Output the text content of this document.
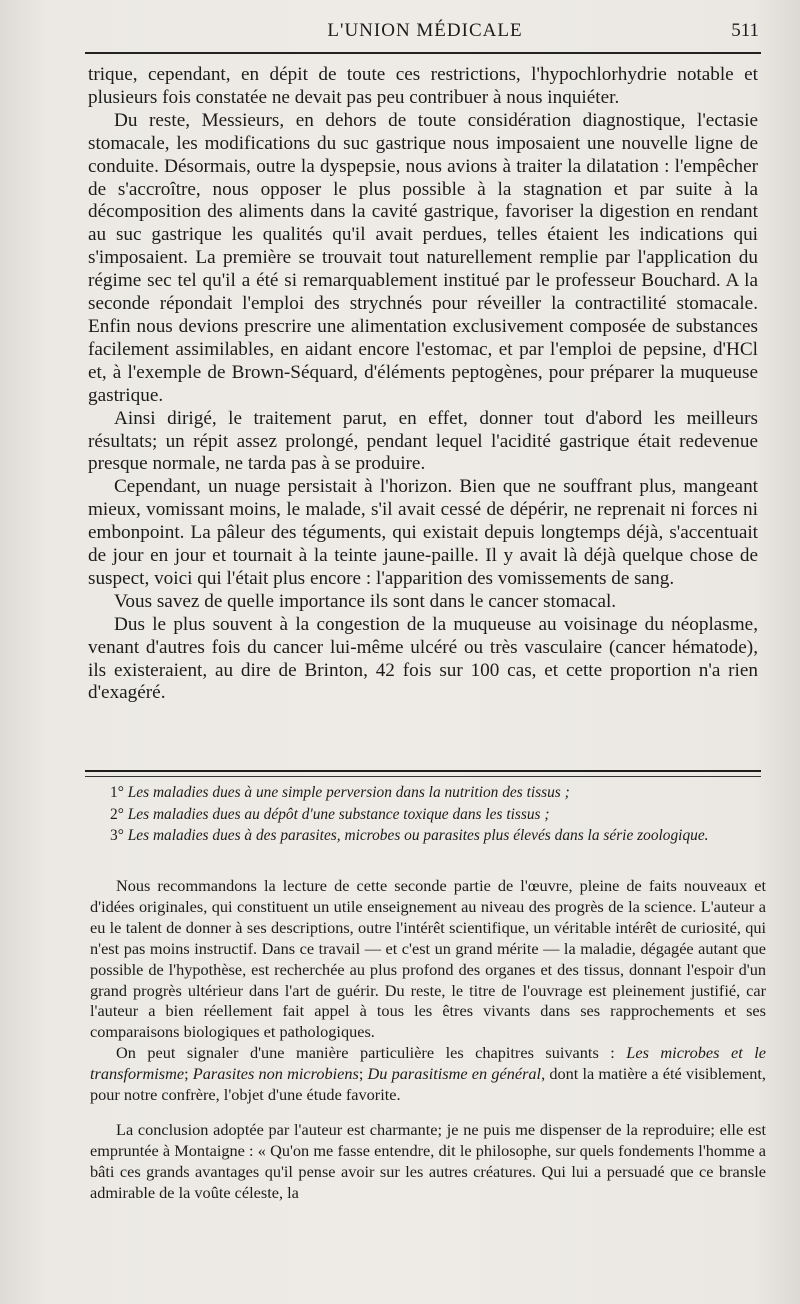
L'UNION MÉDICALE	511

trique, cependant, en dépit de toute ces restrictions, l'hypochlorhydrie notable et plusieurs fois constatée ne devait pas peu contribuer à nous inquiéter.

Du reste, Messieurs, en dehors de toute considération diagnostique, l'ectasie stomacale, les modifications du suc gastrique nous imposaient une nouvelle ligne de conduite. Désormais, outre la dyspepsie, nous avions à traiter la dilatation : l'empêcher de s'accroître, nous opposer le plus possible à la stagnation et par suite à la décomposition des aliments dans la cavité gastrique, favoriser la digestion en rendant au suc gastrique les qualités qu'il avait perdues, telles étaient les indications qui s'imposaient. La première se trouvait tout naturellement remplie par l'application du régime sec tel qu'il a été si remarquablement institué par le professeur Bouchard. A la seconde répondait l'emploi des strychnés pour réveiller la contractilité stomacale. Enfin nous devions prescrire une alimentation exclusivement composée de substances facilement assimilables, en aidant encore l'estomac, et par l'emploi de pepsine, d'HCl et, à l'exemple de Brown-Séquard, d'éléments peptogènes, pour préparer la muqueuse gastrique.

Ainsi dirigé, le traitement parut, en effet, donner tout d'abord les meilleurs résultats; un répit assez prolongé, pendant lequel l'acidité gastrique était redevenue presque normale, ne tarda pas à se produire.

Cependant, un nuage persistait à l'horizon. Bien que ne souffrant plus, mangeant mieux, vomissant moins, le malade, s'il avait cessé de dépérir, ne reprenait ni forces ni embonpoint. La pâleur des téguments, qui existait depuis longtemps déjà, s'accentuait de jour en jour et tournait à la teinte jaune-paille. Il y avait là déjà quelque chose de suspect, voici qui l'était plus encore : l'apparition des vomissements de sang.

Vous savez de quelle importance ils sont dans le cancer stomacal.

Dus le plus souvent à la congestion de la muqueuse au voisinage du néoplasme, venant d'autres fois du cancer lui-même ulcéré ou très vasculaire (cancer hématode), ils existeraient, au dire de Brinton, 42 fois sur 100 cas, et cette proportion n'a rien d'exagéré.

1° Les maladies dues à une simple perversion dans la nutrition des tissus ;

2° Les maladies dues au dépôt d'une substance toxique dans les tissus ;

3° Les maladies dues à des parasites, microbes ou parasites plus élevés dans la série zoologique.

Nous recommandons la lecture de cette seconde partie de l'œuvre, pleine de faits nouveaux et d'idées originales, qui constituent un utile enseignement au niveau des progrès de la science. L'auteur a eu le talent de donner à ses descriptions, outre l'intérêt scientifique, un véritable intérêt de curiosité, qui n'est pas moins instructif. Dans ce travail — et c'est un grand mérite — la maladie, dégagée autant que possible de l'hypothèse, est recherchée au plus profond des organes et des tissus, donnant l'espoir d'un grand progrès ultérieur dans l'art de guérir. Du reste, le titre de l'ouvrage est pleinement justifié, car l'auteur a bien réellement fait appel à tous les êtres vivants dans ses rapprochements et ses comparaisons biologiques et pathologiques.

On peut signaler d'une manière particulière les chapitres suivants : Les microbes et le transformisme; Parasites non microbiens; Du parasitisme en général, dont la matière a été visiblement, pour notre confrère, l'objet d'une étude favorite.

La conclusion adoptée par l'auteur est charmante; je ne puis me dispenser de la reproduire; elle est empruntée à Montaigne : « Qu'on me fasse entendre, dit le philosophe, sur quels fondements l'homme a bâti ces grands avantages qu'il pense avoir sur les autres créatures. Qui lui a persuadé que ce bransle admirable de la voûte céleste, la
